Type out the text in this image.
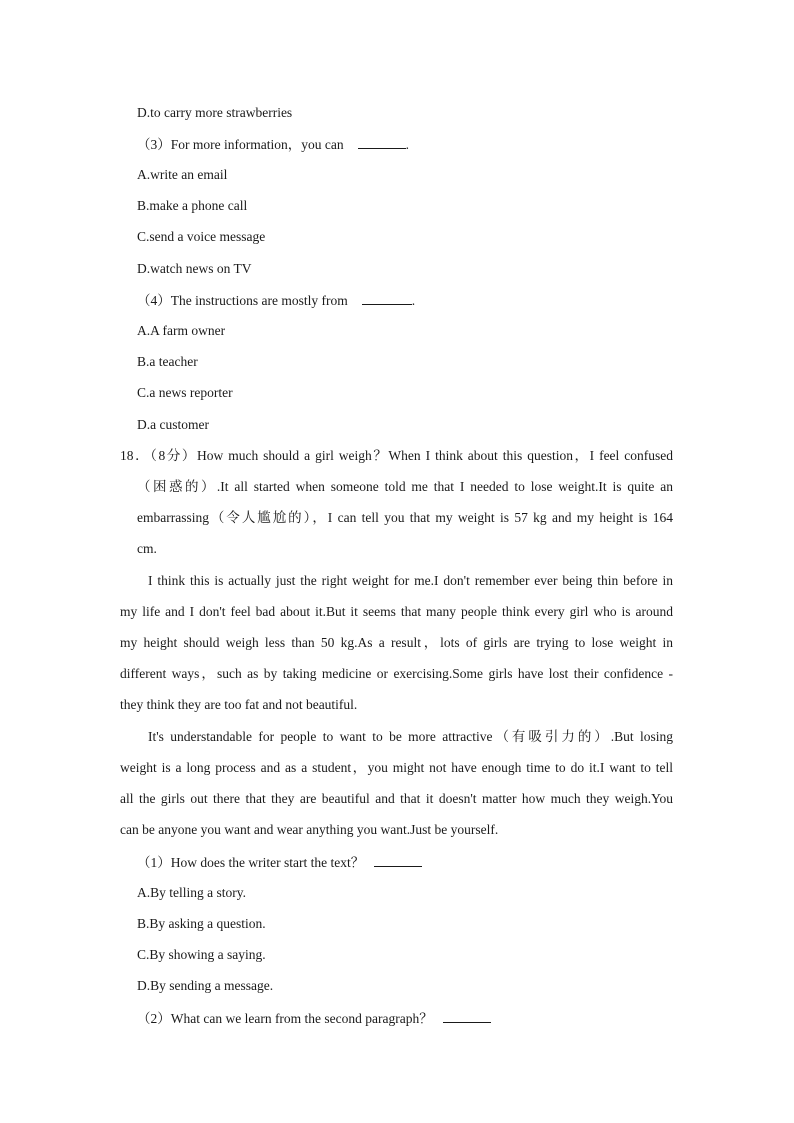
D.to carry more strawberries
（3）For more information，you can	.
A.write an email
B.make a phone call
C.send a voice message
D.watch news on TV
（4）The instructions are mostly from	.
A.A farm owner
B.a teacher
C.a news reporter
D.a customer
18．（8分）How much should a girl weigh？When I think about this question，I feel confused
（困惑的）.It all started when someone told me that I needed to lose weight.It is quite an
embarrassing（令人尴尬的），I can tell you that my weight is 57 kg and my height is 164
cm.
I think this is actually just the right weight for me.I don't remember ever being thin before in
my life and I don't feel bad about it.But it seems that many people think every girl who is around
my height should weigh less than 50 kg.As a result，lots of girls are trying to lose weight in
different ways，such as by taking medicine or exercising.Some girls have lost their confidence -
they think they are too fat and not beautiful.
It's understandable for people to want to be more attractive（有吸引力的）.But losing
weight is a long process and as a student，you might not have enough time to do it.I want to tell
all the girls out there that they are beautiful and that it doesn't matter how much they weigh.You
can be anyone you want and wear anything you want.Just be yourself.
（1）How does the writer start the text？
A.By telling a story.
B.By asking a question.
C.By showing a saying.
D.By sending a message.
（2）What can we learn from the second paragraph？
